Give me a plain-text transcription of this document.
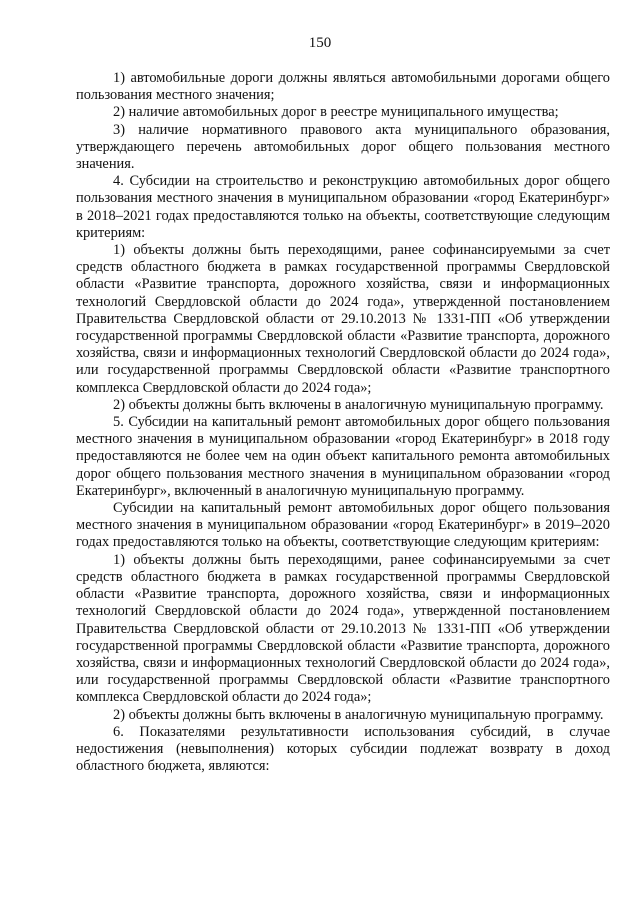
150

1) автомобильные дороги должны являться автомобильными дорогами общего пользования местного значения;

2) наличие автомобильных дорог в реестре муниципального имущества;

3) наличие нормативного правового акта муниципального образования, утверждающего перечень автомобильных дорог общего пользования местного значения.

4. Субсидии на строительство и реконструкцию автомобильных дорог общего пользования местного значения в муниципальном образовании «город Екатеринбург» в 2018–2021 годах предоставляются только на объекты, соответствующие следующим критериям:

1) объекты должны быть переходящими, ранее софинансируемыми за счет средств областного бюджета в рамках государственной программы Свердловской области «Развитие транспорта, дорожного хозяйства, связи и информационных технологий Свердловской области до 2024 года», утвержденной постановлением Правительства Свердловской области от 29.10.2013 № 1331-ПП «Об утверждении государственной программы Свердловской области «Развитие транспорта, дорожного хозяйства, связи и информационных технологий Свердловской области до 2024 года», или государственной программы Свердловской области «Развитие транспортного комплекса Свердловской области до 2024 года»;

2) объекты должны быть включены в аналогичную муниципальную программу.

5. Субсидии на капитальный ремонт автомобильных дорог общего пользования местного значения в муниципальном образовании «город Екатеринбург» в 2018 году предоставляются не более чем на один объект капитального ремонта автомобильных дорог общего пользования местного значения в муниципальном образовании «город Екатеринбург», включенный в аналогичную муниципальную программу.

Субсидии на капитальный ремонт автомобильных дорог общего пользования местного значения в муниципальном образовании «город Екатеринбург» в 2019–2020 годах предоставляются только на объекты, соответствующие следующим критериям:

1) объекты должны быть переходящими, ранее софинансируемыми за счет средств областного бюджета в рамках государственной программы Свердловской области «Развитие транспорта, дорожного хозяйства, связи и информационных технологий Свердловской области до 2024 года», утвержденной постановлением Правительства Свердловской области от 29.10.2013 № 1331-ПП «Об утверждении государственной программы Свердловской области «Развитие транспорта, дорожного хозяйства, связи и информационных технологий Свердловской области до 2024 года», или государственной программы Свердловской области «Развитие транспортного комплекса Свердловской области до 2024 года»;

2) объекты должны быть включены в аналогичную муниципальную программу.

6. Показателями результативности использования субсидий, в случае недостижения (невыполнения) которых субсидии подлежат возврату в доход областного бюджета, являются:
